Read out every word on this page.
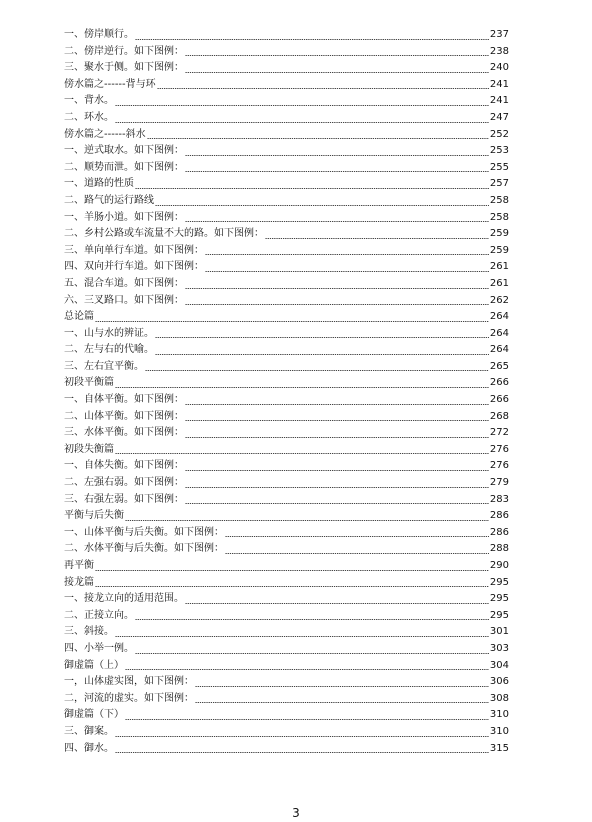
一、傍岸顺行。	237
二、傍岸逆行。如下图例：	238
三、聚水于侧。如下图例：	240
傍水篇之------背与环	241
一、背水。	241
二、环水。	247
傍水篇之------斜水	252
一、逆式取水。如下图例：	253
二、顺势而泄。如下图例：	255
一、道路的性质	257
二、路气的运行路线	258
一、羊肠小道。如下图例：	258
二、乡村公路或车流量不大的路。如下图例：	259
三、单向单行车道。如下图例：	259
四、双向并行车道。如下图例：	261
五、混合车道。如下图例：	261
六、三叉路口。如下图例：	262
总论篇	264
一、山与水的辨证。	264
二、左与右的代喻。	264
三、左右宜平衡。	265
初段平衡篇	266
一、自体平衡。如下图例：	266
二、山体平衡。如下图例：	268
三、水体平衡。如下图例：	272
初段失衡篇	276
一、自体失衡。如下图例：	276
二、左强右弱。如下图例：	279
三、右强左弱。如下图例：	283
平衡与后失衡	286
一、山体平衡与后失衡。如下图例：	286
二、水体平衡与后失衡。如下图例：	288
再平衡	290
接龙篇	295
一、接龙立向的适用范围。	295
二、正接立向。	295
三、斜接。	301
四、小举一例。	303
御虚篇（上）	304
一，山体虚实图，如下图例：	306
二，河流的虚实。如下图例：	308
御虚篇（下）	310
三、御案。	310
四、御水。	315
3
